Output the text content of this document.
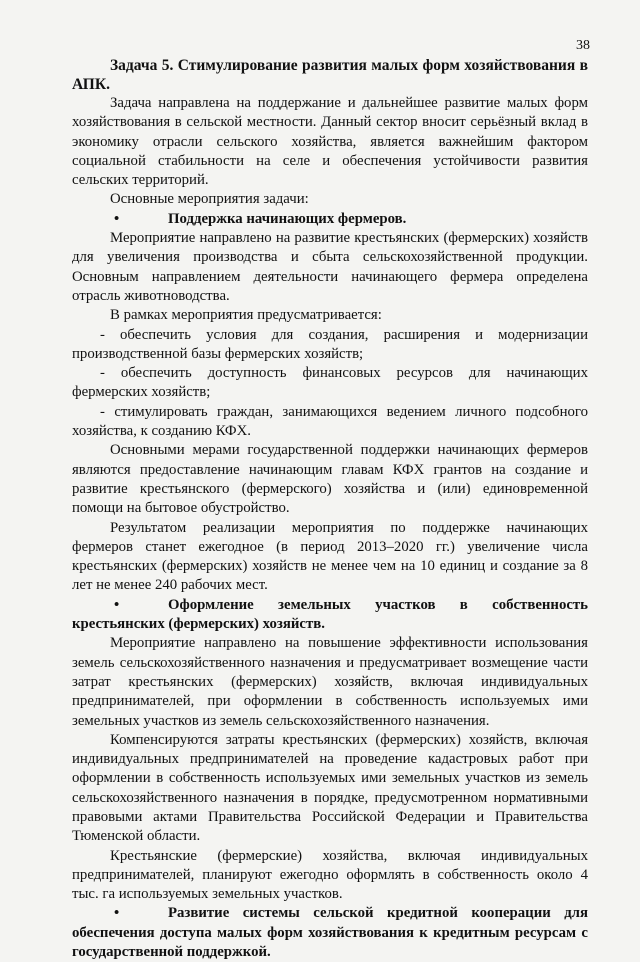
38
Задача 5. Стимулирование развития малых форм хозяйствования в АПК.

Задача направлена на поддержание и дальнейшее развитие малых форм хозяйствования в сельской местности. Данный сектор вносит серьёзный вклад в экономику отрасли сельского хозяйства, является важнейшим фактором социальной стабильности на селе и обеспечения устойчивости развития сельских территорий.

Основные мероприятия задачи:

•	Поддержка начинающих фермеров.

Мероприятие направлено на развитие крестьянских (фермерских) хозяйств для увеличения производства и сбыта сельскохозяйственной продукции. Основным направлением деятельности начинающего фермера определена отрасль животноводства.

В рамках мероприятия предусматривается:

- обеспечить условия для создания, расширения и модернизации производственной базы фермерских хозяйств;

- обеспечить доступность финансовых ресурсов для начинающих фермерских хозяйств;

- стимулировать граждан, занимающихся ведением личного подсобного хозяйства, к созданию КФХ.

Основными мерами государственной поддержки начинающих фермеров являются предоставление начинающим главам КФХ грантов на создание и развитие крестьянского (фермерского) хозяйства и (или) единовременной помощи на бытовое обустройство.

Результатом реализации мероприятия по поддержке начинающих фермеров станет ежегодное (в период 2013–2020 гг.) увеличение числа крестьянских (фермерских) хозяйств не менее чем на 10 единиц и создание за 8 лет не менее 240 рабочих мест.

•	Оформление земельных участков в собственность крестьянских (фермерских) хозяйств.

Мероприятие направлено на повышение эффективности использования земель сельскохозяйственного назначения и предусматривает возмещение части затрат крестьянских (фермерских) хозяйств, включая индивидуальных предпринимателей, при оформлении в собственность используемых ими земельных участков из земель сельскохозяйственного назначения.

Компенсируются затраты крестьянских (фермерских) хозяйств, включая индивидуальных предпринимателей на проведение кадастровых работ при оформлении в собственность используемых ими земельных участков из земель сельскохозяйственного назначения в порядке, предусмотренном нормативными правовыми актами Правительства Российской Федерации и Правительства Тюменской области.

Крестьянские (фермерские) хозяйства, включая индивидуальных предпринимателей, планируют ежегодно оформлять в собственность около 4 тыс. га используемых земельных участков.

•	Развитие системы сельской кредитной кооперации для обеспечения доступа малых форм хозяйствования к кредитным ресурсам с государственной поддержкой.
